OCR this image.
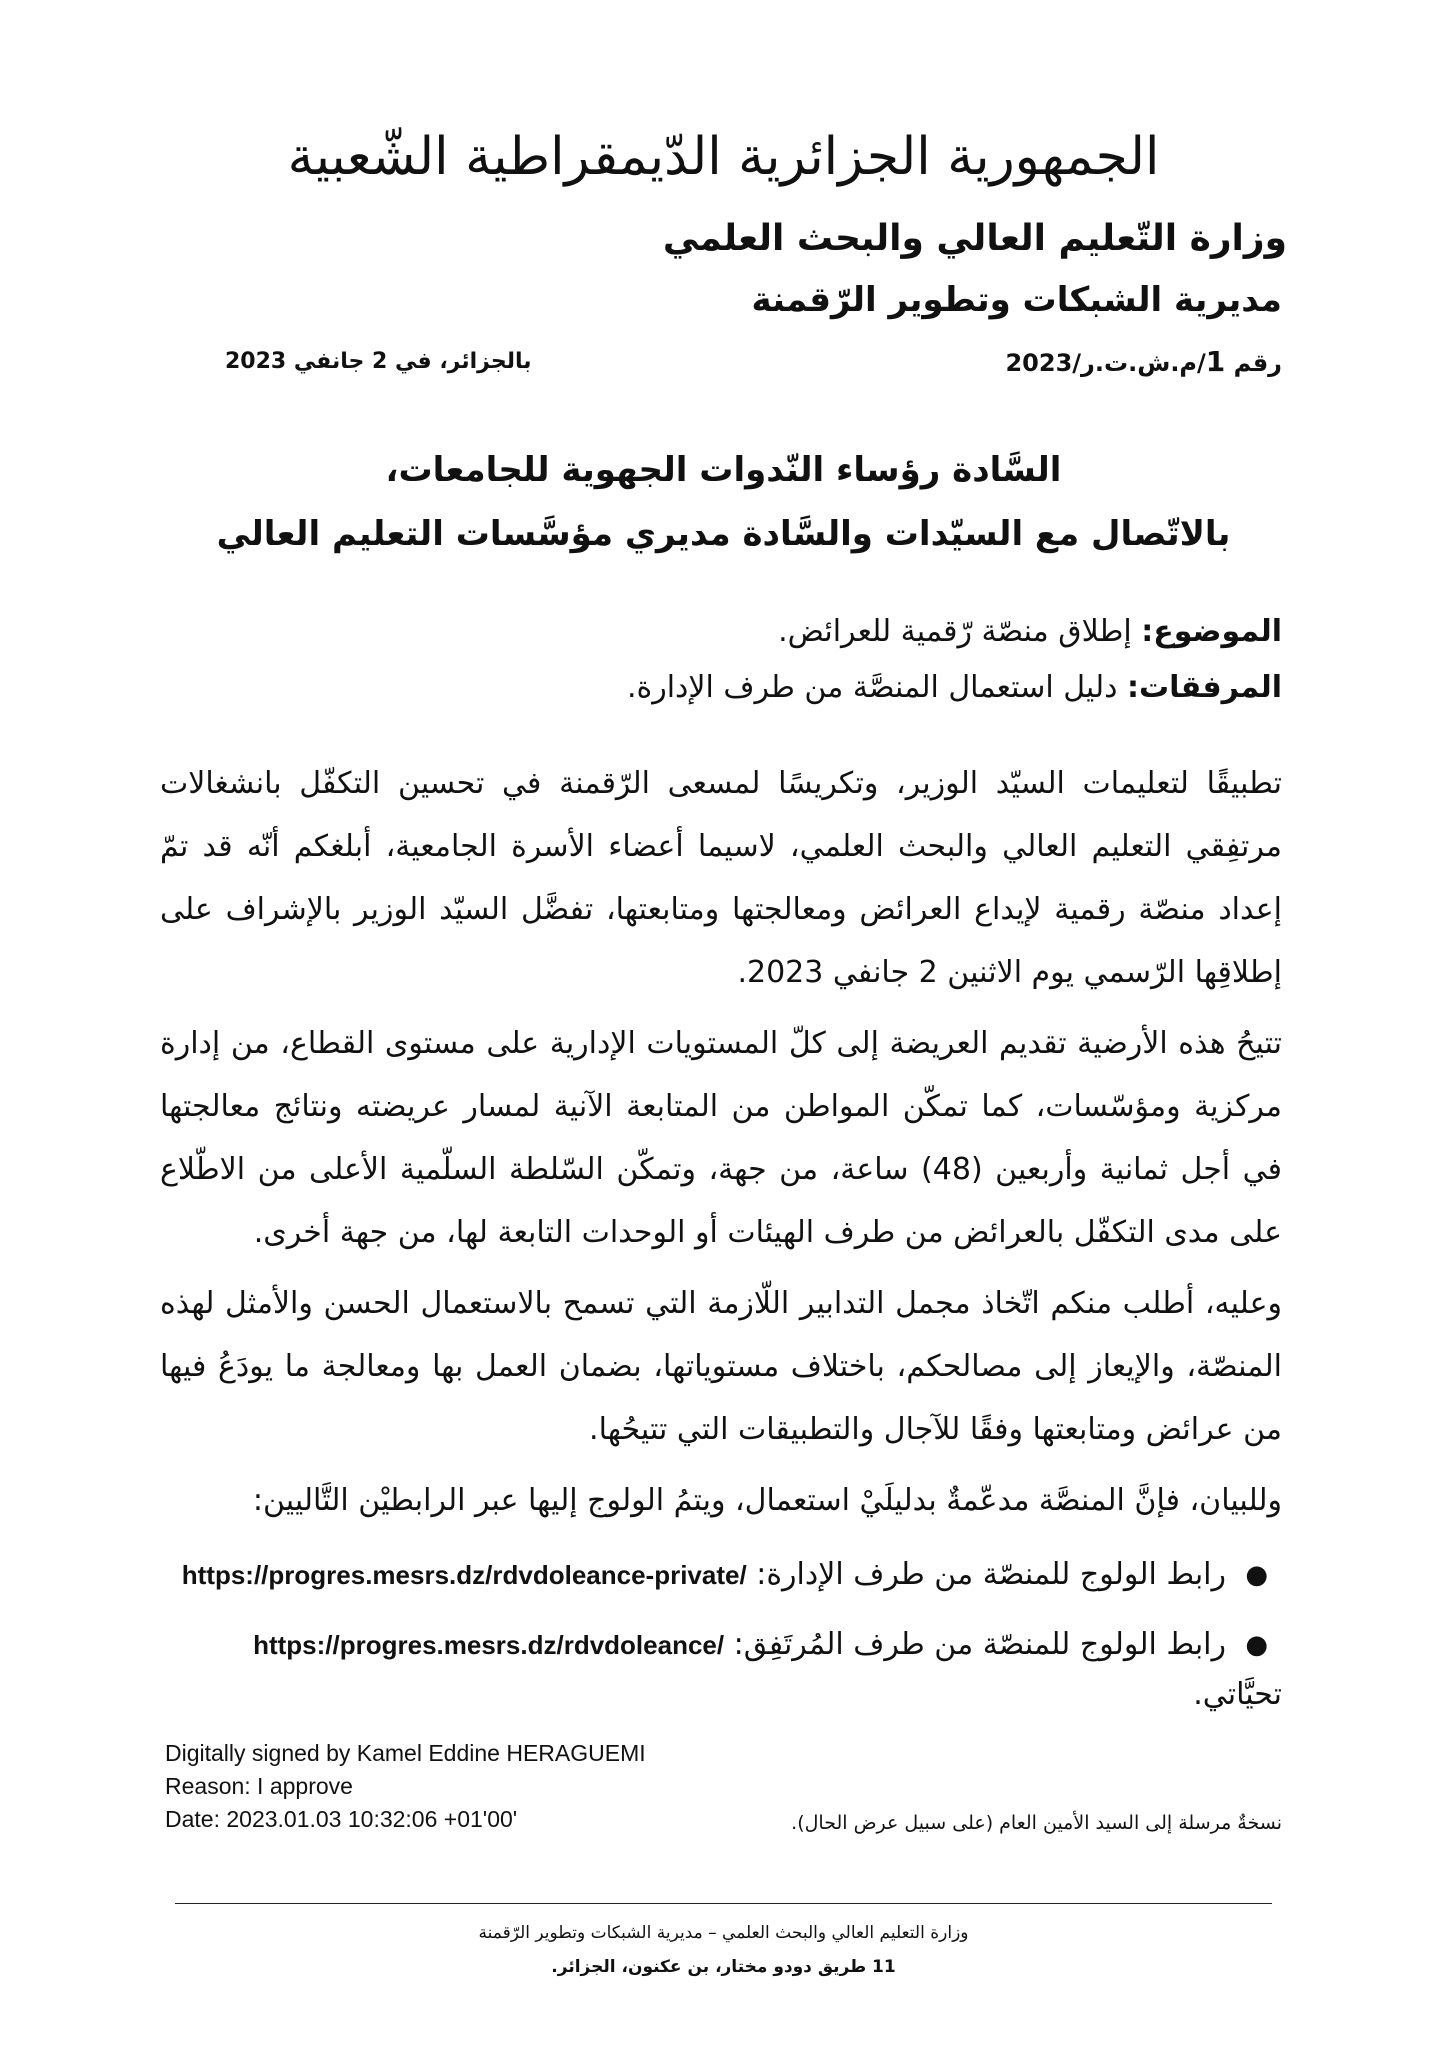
الجمهورية الجزائرية الدّيمقراطية الشّعبية
وزارة التّعليم العالي والبحث العلمي
مديرية الشبكات وتطوير الرّقمنة
رقم 1/م.ش.ت.ر/2023
بالجزائر، في 2 جانفي 2023
السَّادة رؤساء النّدوات الجهوية للجامعات،
بالاتّصال مع السيّدات والسَّادة مديري مؤسَّسات التعليم العالي
الموضوع: إطلاق منصّة رّقمية للعرائض.
المرفقات: دليل استعمال المنصَّة من طرف الإدارة.

تطبيقًا لتعليمات السيّد الوزير، وتكريسًا لمسعى الرّقمنة في تحسين التكفّل بانشغالات مرتفِقي التعليم العالي والبحث العلمي، لاسيما أعضاء الأسرة الجامعية، أبلغكم أنّه قد تمّ إعداد منصّة رقمية لإيداع العرائض ومعالجتها ومتابعتها، تفضَّل السيّد الوزير بالإشراف على إطلاقِها الرّسمي يوم الاثنين 2 جانفي 2023.

تتيحُ هذه الأرضية تقديم العريضة إلى كلّ المستويات الإدارية على مستوى القطاع، من إدارة مركزية ومؤسّسات، كما تمكّن المواطن من المتابعة الآنية لمسار عريضته ونتائج معالجتها في أجل ثمانية وأربعين (48) ساعة، من جهة، وتمكّن السّلطة السلّمية الأعلى من الاطّلاع على مدى التكفّل بالعرائض من طرف الهيئات أو الوحدات التابعة لها، من جهة أخرى.

وعليه، أطلب منكم اتّخاذ مجمل التدابير اللّازمة التي تسمح بالاستعمال الحسن والأمثل لهذه المنصّة، والإيعاز إلى مصالحكم، باختلاف مستوياتها، بضمان العمل بها ومعالجة ما يودَعُ فيها من عرائض ومتابعتها وفقًا للآجال والتطبيقات التي تتيحُها.

وللبيان، فإنَّ المنصَّة مدعّمةٌ بدليلَيْ استعمال، ويتمُ الولوج إليها عبر الرابطيْن التَّاليين:

●
رابط الولوج للمنصّة من طرف الإدارة: https://progres.mesrs.dz/rdvdoleance-private/
●
رابط الولوج للمنصّة من طرف المُرتَفِق: https://progres.mesrs.dz/rdvdoleance/
تحيَّاتي.
Digitally signed by Kamel Eddine HERAGUEMI
Reason: I approve
Date: 2023.01.03 10:32:06 +01'00'	نسخةٌ مرسلة إلى السيد الأمين العام (على سبيل عرض الحال).
وزارة التعليم العالي والبحث العلمي – مديرية الشبكات وتطوير الرّقمنة
11 طريق دودو مختار، بن عكنون، الجزائر.
